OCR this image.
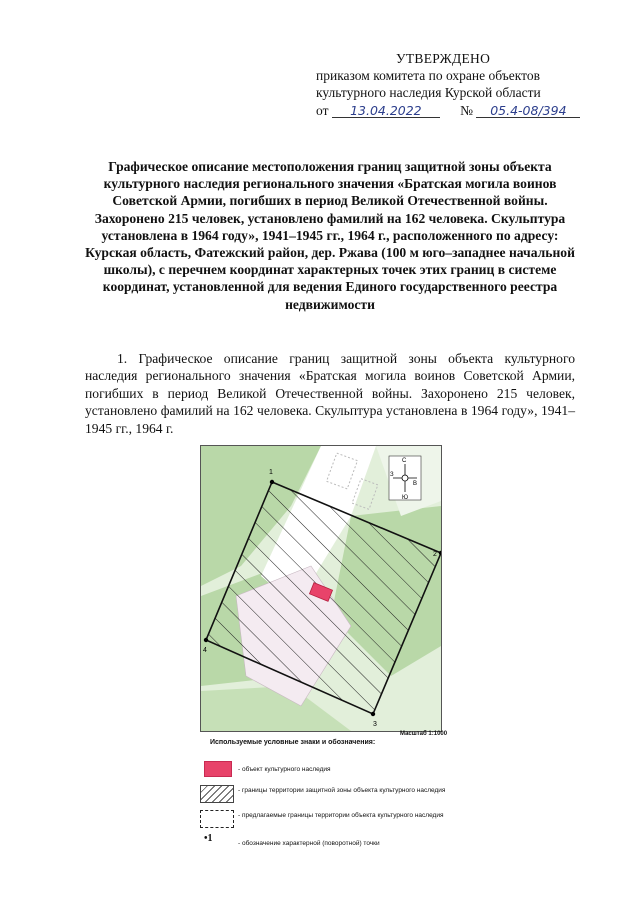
УТВЕРЖДЕНО
приказом комитета по охране объектов
культурного наследия Курской области
от 13.04.2022	№ 05.4-08/394
Графическое описание местоположения границ защитной зоны объекта культурного наследия регионального значения «Братская могила воинов Советской Армии, погибших в период Великой Отечественной войны. Захоронено 215 человек, установлено фамилий на 162 человека. Скульптура установлена в 1964 году», 1941–1945 гг., 1964 г., расположенного по адресу: Курская область, Фатежский район, дер. Ржава (100 м юго–западнее начальной школы), с перечнем координат характерных точек этих границ в системе координат, установленной для ведения Единого государственного реестра недвижимости
1. Графическое описание границ защитной зоны объекта культурного наследия регионального значения «Братская могила воинов Советской Армии, погибших в период Великой Отечественной войны. Захоронено 215 человек, установлено фамилий на 162 человека. Скульптура установлена в 1964 году», 1941–1945 гг., 1964 г.
1
2
3
4
С
Ю
З
В
Масштаб 1:1000
Используемые условные знаки и обозначения:
- объект культурного наследия
- границы территории защитной зоны объекта культурного наследия
- предлагаемые границы территории объекта культурного наследия
•1	- обозначение характерной (поворотной) точки
